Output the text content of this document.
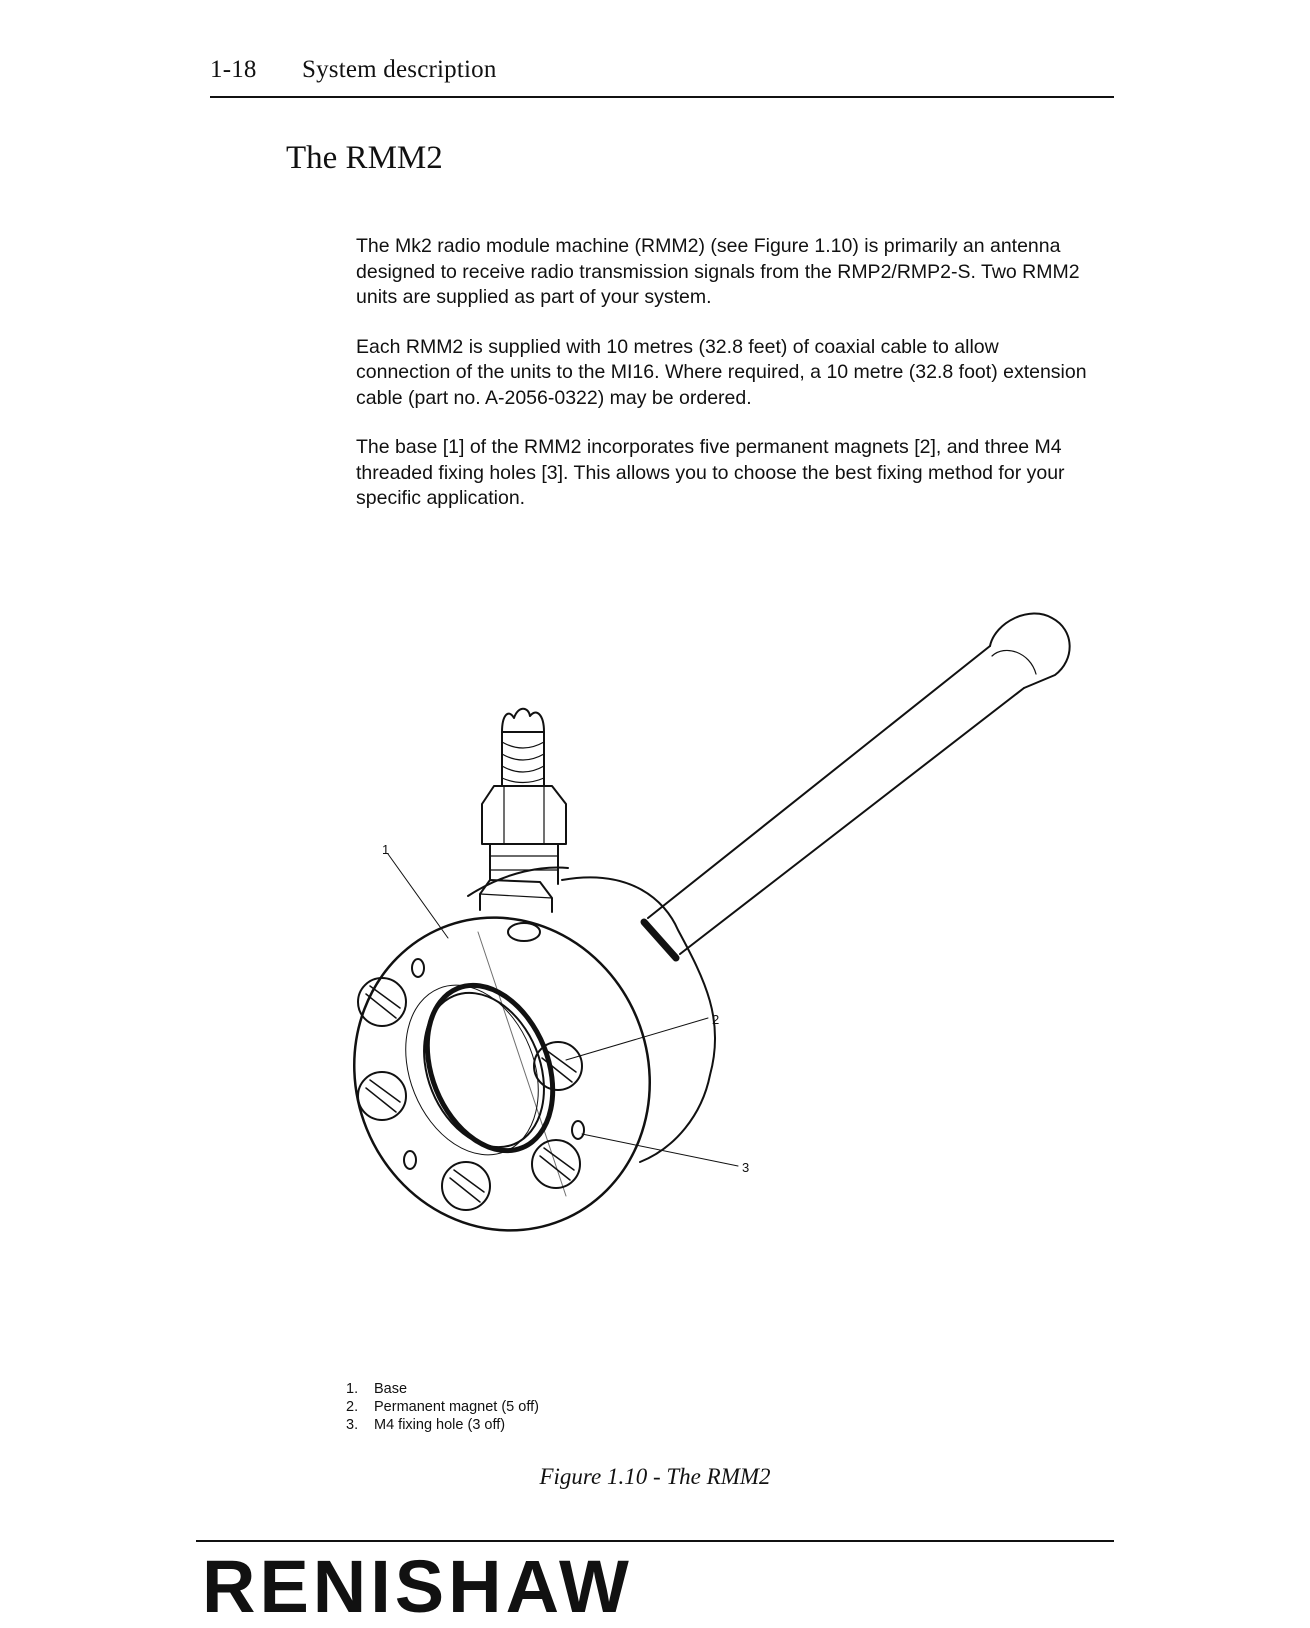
1-18 System description
The RMM2

The Mk2 radio module machine (RMM2) (see Figure 1.10) is primarily an antenna designed to receive radio transmission signals from the RMP2/RMP2-S. Two RMM2 units are supplied as part of your system.

Each RMM2 is supplied with 10 metres (32.8 feet) of coaxial cable to allow connection of the units to the MI16. Where required, a 10 metre (32.8 foot) extension cable (part no. A-2056-0322) may be ordered.

The base [1] of the RMM2 incorporates five permanent magnets [2], and three M4 threaded fixing holes [3]. This allows you to choose the best fixing method for your specific application.

1
2
3
1. Base
2. Permanent magnet (5 off)
3. M4 fixing hole (3 off)
Figure 1.10 - The RMM2
RENISHAW
